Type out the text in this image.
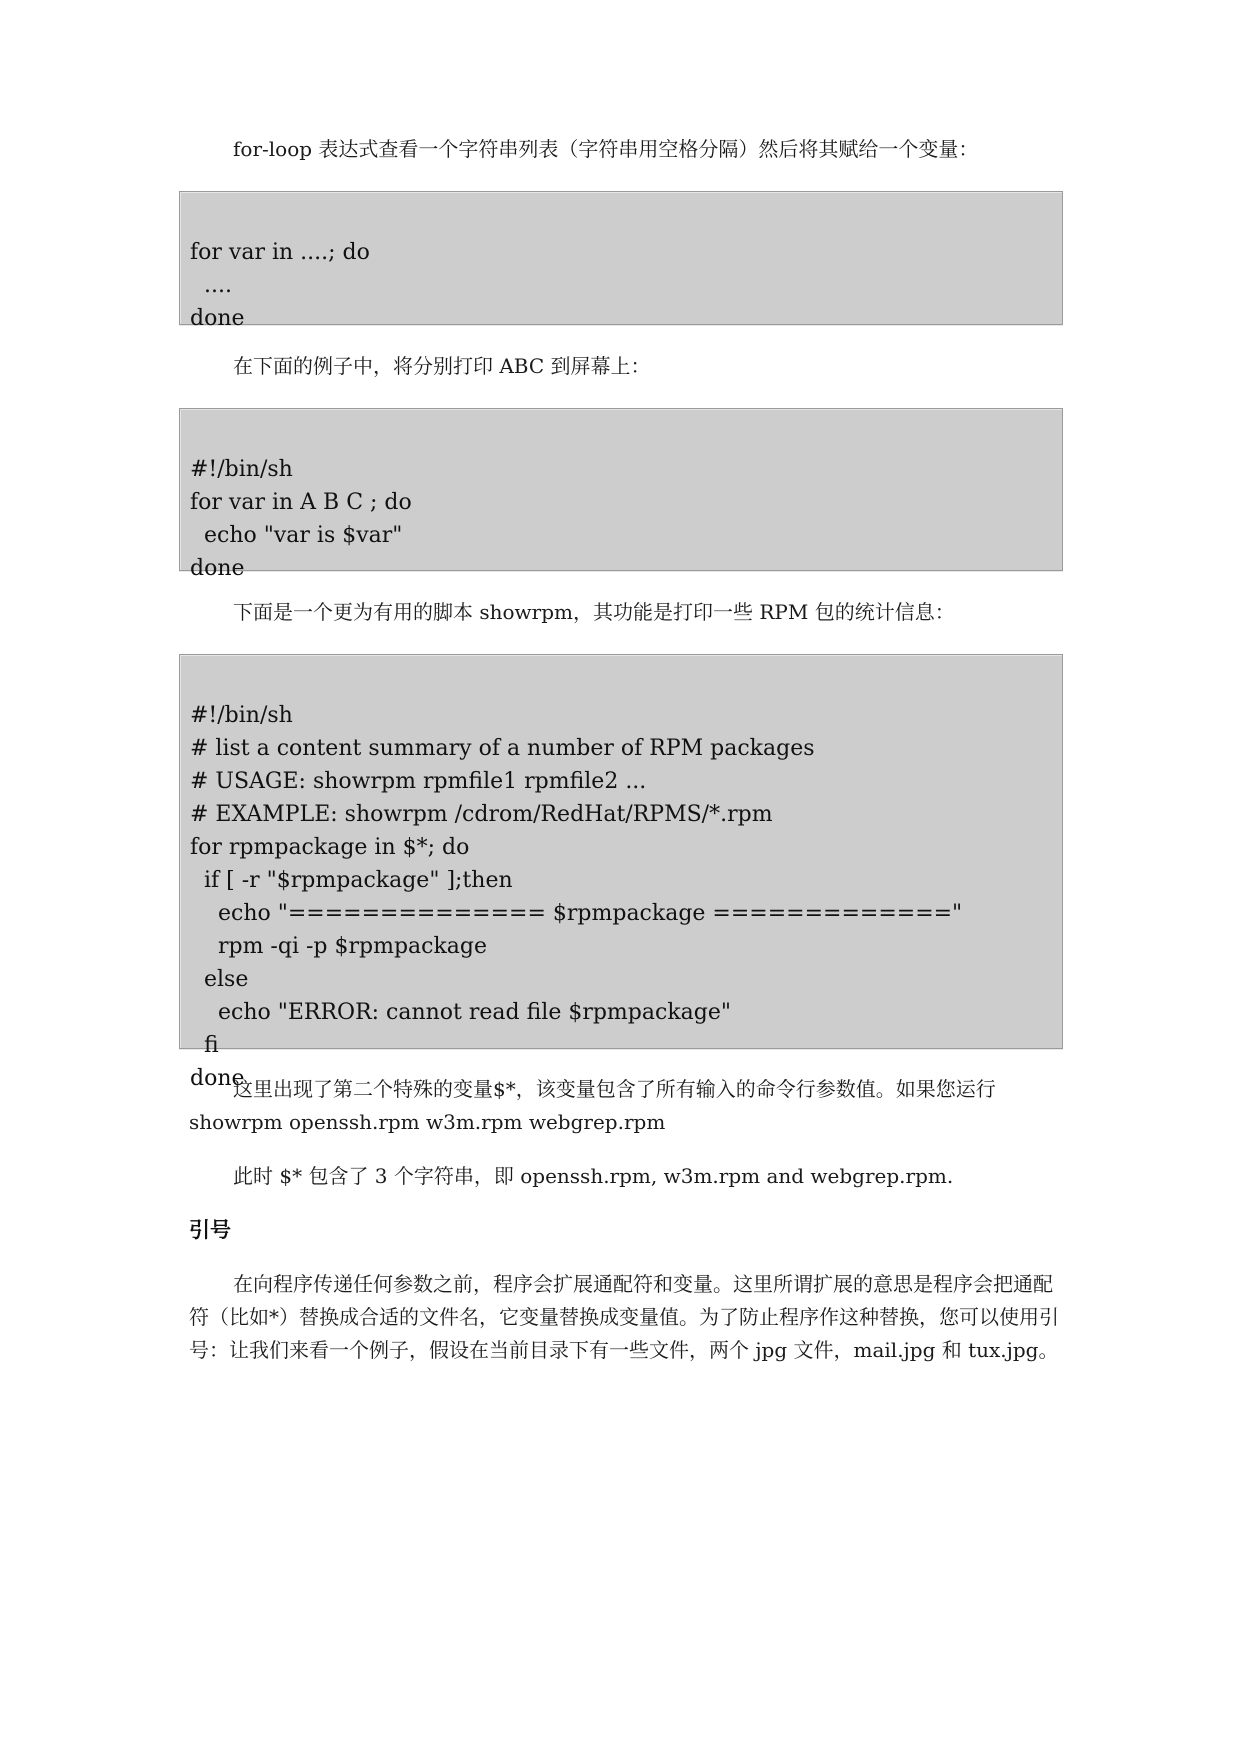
for-loop 表达式查看一个字符串列表（字符串用空格分隔）然后将其赋给一个变量：

for var in ....; do
....
done

在下面的例子中，将分别打印 ABC 到屏幕上：

#!/bin/sh
for var in A B C ; do
echo "var is $var"
done

下面是一个更为有用的脚本 showrpm，其功能是打印一些 RPM 包的统计信息：

#!/bin/sh
# list a content summary of a number of RPM packages
# USAGE: showrpm rpmfile1 rpmfile2 ...
# EXAMPLE: showrpm /cdrom/RedHat/RPMS/*.rpm
for rpmpackage in $*; do
if [ -r "$rpmpackage" ];then
echo "============== $rpmpackage ============="
rpm -qi -p $rpmpackage
else
echo "ERROR: cannot read file $rpmpackage"
fi
done

这里出现了第二个特殊的变量$*，该变量包含了所有输入的命令行参数值。如果您运行 showrpm openssh.rpm w3m.rpm webgrep.rpm

此时 $* 包含了 3 个字符串，即 openssh.rpm, w3m.rpm and webgrep.rpm.

引号

在向程序传递任何参数之前，程序会扩展通配符和变量。这里所谓扩展的意思是程序会把通配符（比如*）替换成合适的文件名，它变量替换成变量值。为了防止程序作这种替换，您可以使用引号：让我们来看一个例子，假设在当前目录下有一些文件，两个 jpg 文件，mail.jpg 和 tux.jpg。
